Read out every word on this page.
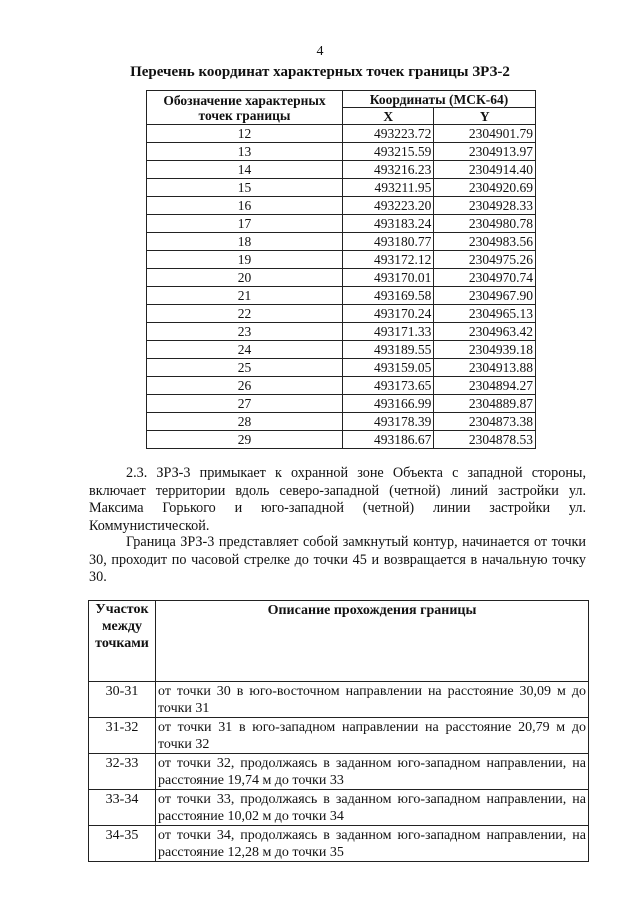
4
Перечень координат характерных точек границы ЗРЗ-2
Обозначение характерных точек границы	Координаты (МСК-64)	
	X	Y
12	493223.72	2304901.79
13	493215.59	2304913.97
14	493216.23	2304914.40
15	493211.95	2304920.69
16	493223.20	2304928.33
17	493183.24	2304980.78
18	493180.77	2304983.56
19	493172.12	2304975.26
20	493170.01	2304970.74
21	493169.58	2304967.90
22	493170.24	2304965.13
23	493171.33	2304963.42
24	493189.55	2304939.18
25	493159.05	2304913.88
26	493173.65	2304894.27
27	493166.99	2304889.87
28	493178.39	2304873.38
29	493186.67	2304878.53
2.3. ЗРЗ-3 примыкает к охранной зоне Объекта с западной стороны, включает территории вдоль северо-западной (четной) линий застройки ул. Максима Горького и юго-западной (четной) линии застройки ул. Коммунистической.
Граница ЗРЗ-3 представляет собой замкнутый контур, начинается от точки 30, проходит по часовой стрелке до точки 45 и возвращается в начальную точку 30.
Участок между точками	Описание прохождения границы
30-31	от точки 30 в юго-восточном направлении на расстояние 30,09 м до точки 31
31-32	от точки 31 в юго-западном направлении на расстояние 20,79 м до точки 32
32-33	от точки 32, продолжаясь в заданном юго-западном направлении, на расстояние 19,74 м до точки 33
33-34	от точки 33, продолжаясь в заданном юго-западном направлении, на расстояние 10,02 м до точки 34
34-35	от точки 34, продолжаясь в заданном юго-западном направлении, на расстояние 12,28 м до точки 35
